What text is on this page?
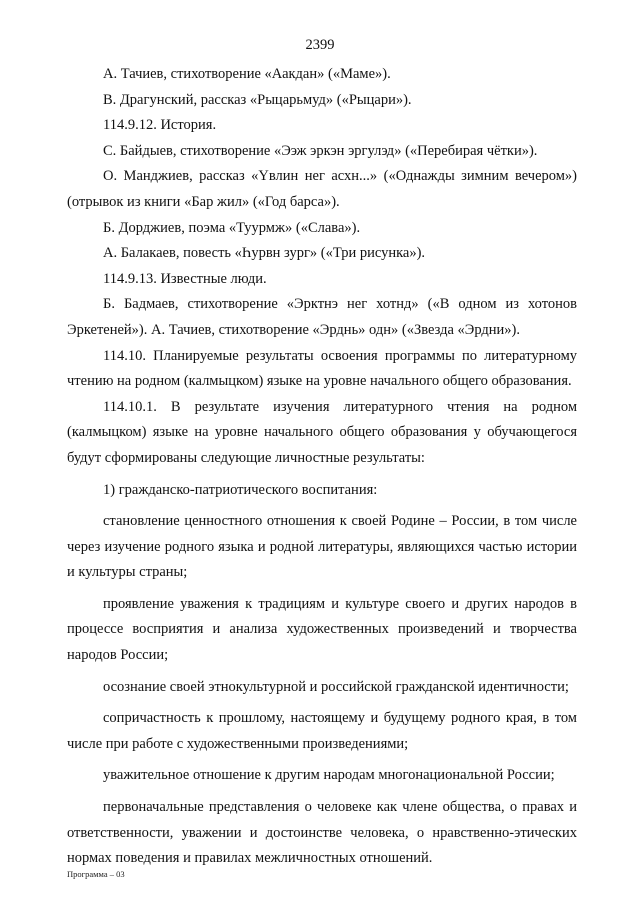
2399

А. Тачиев, стихотворение «Аакдан» («Маме»).

В. Драгунский, рассказ «Рыцарьмуд» («Рыцари»).

114.9.12. История.

С. Байдыев, стихотворение «Ээж эркэн эргулэд» («Перебирая чётки»).

О. Манджиев, рассказ «Үвлин нег асхн...» («Однажды зимним вечером») (отрывок из книги «Бар жил» («Год барса»).

Б. Дорджиев, поэма «Туурмж» («Слава»).

А. Балакаев, повесть «Һурвн зург» («Три рисунка»).

114.9.13. Известные люди.

Б. Бадмаев, стихотворение «Эрктнэ нег хотнд» («В одном из хотонов Эркетеней»). А. Тачиев, стихотворение «Эрднь» одн» («Звезда «Эрдни»).

114.10. Планируемые результаты освоения программы по литературному чтению на родном (калмыцком) языке на уровне начального общего образования.

114.10.1. В результате изучения литературного чтения на родном (калмыцком) языке на уровне начального общего образования у обучающегося будут сформированы следующие личностные результаты:

1) гражданско-патриотического воспитания:

становление ценностного отношения к своей Родине – России, в том числе через изучение родного языка и родной литературы, являющихся частью истории и культуры страны;

проявление уважения к традициям и культуре своего и других народов в процессе восприятия и анализа художественных произведений и творчества народов России;

осознание своей этнокультурной и российской гражданской идентичности;

сопричастность к прошлому, настоящему и будущему родного края, в том числе при работе с художественными произведениями;

уважительное отношение к другим народам многонациональной России;

первоначальные представления о человеке как члене общества, о правах и ответственности, уважении и достоинстве человека, о нравственно-этических нормах поведения и правилах межличностных отношений.

Программа – 03
